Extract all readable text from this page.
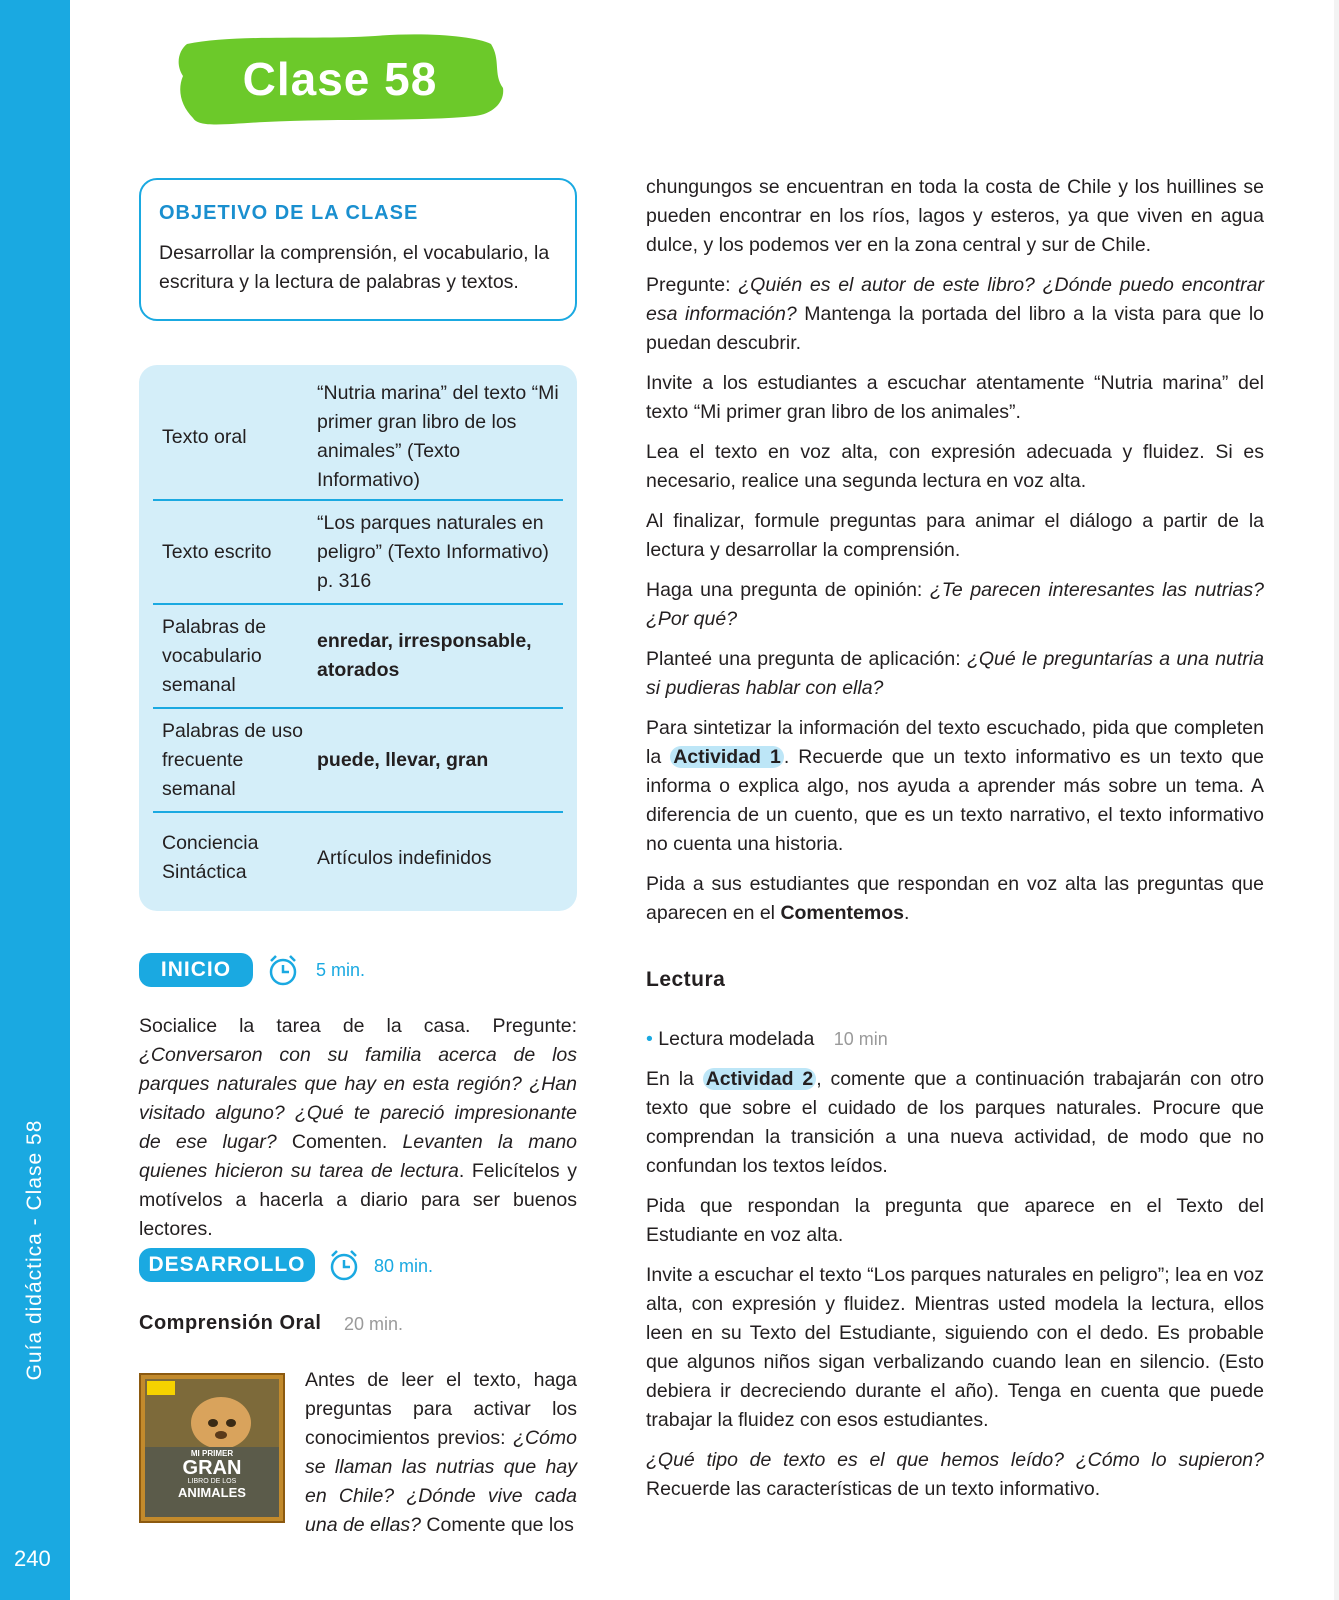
Guía didáctica - Clase 58
240
Clase 58
OBJETIVO DE LA CLASE
Desarrollar la comprensión, el vocabulario, la escritura y la lectura de palabras y textos.
Texto oral
“Nutria marina” del texto “Mi primer gran libro de los animales” (Texto Informativo)
Texto escrito
“Los parques naturales en peligro” (Texto Informativo) p. 316
Palabras de vocabulario semanal
enredar, irresponsable, atorados
Palabras de uso frecuente semanal
puede, llevar, gran
Conciencia Sintáctica
Artículos indefinidos
INICIO	5 min.

Socialice la tarea de la casa. Pregunte: ¿Conversaron con su familia acerca de los parques naturales que hay en esta región? ¿Han visitado alguno? ¿Qué te pareció impresionante de ese lugar? Comenten. Levanten la mano quienes hicieron su tarea de lectura. Felicítelos y motívelos a hacerla a diario para ser buenos lectores.

DESARROLLO	80 min.
Comprensión Oral 20 min.
MI PRIMER
GRAN
LIBRO DE LOS
ANIMALES

Antes de leer el texto, haga preguntas para activar los conocimientos previos: ¿Cómo se llaman las nutrias que hay en Chile? ¿Dónde vive cada una de ellas? Comente que los

chungungos se encuentran en toda la costa de Chile y los huillines se pueden encontrar en los ríos, lagos y esteros, ya que viven en agua dulce, y los podemos ver en la zona central y sur de Chile.

Pregunte: ¿Quién es el autor de este libro? ¿Dónde puedo encontrar esa información? Mantenga la portada del libro a la vista para que lo puedan descubrir.

Invite a los estudiantes a escuchar atentamente “Nutria marina” del texto “Mi primer gran libro de los animales”.

Lea el texto en voz alta, con expresión adecuada y fluidez. Si es necesario, realice una segunda lectura en voz alta.

Al finalizar, formule preguntas para animar el diálogo a partir de la lectura y desarrollar la comprensión.

Haga una pregunta de opinión: ¿Te parecen interesantes las nutrias? ¿Por qué?

Planteé una pregunta de aplicación: ¿Qué le preguntarías a una nutria si pudieras hablar con ella?

Para sintetizar la información del texto escuchado, pida que completen la Actividad 1 . Recuerde que un texto informativo es un texto que informa o explica algo, nos ayuda a aprender más sobre un tema. A diferencia de un cuento, que es un texto narrativo, el texto informativo no cuenta una historia.

Pida a sus estudiantes que respondan en voz alta las preguntas que aparecen en el Comentemos.

Lectura
• Lectura modelada 10 min

En la Actividad 2 , comente que a continuación trabajarán con otro texto que sobre el cuidado de los parques naturales. Procure que comprendan la transición a una nueva actividad, de modo que no confundan los textos leídos.

Pida que respondan la pregunta que aparece en el Texto del Estudiante en voz alta.

Invite a escuchar el texto “Los parques naturales en peligro”; lea en voz alta, con expresión y fluidez. Mientras usted modela la lectura, ellos leen en su Texto del Estudiante, siguiendo con el dedo. Es probable que algunos niños sigan verbalizando cuando lean en silencio. (Esto debiera ir decreciendo durante el año). Tenga en cuenta que puede trabajar la fluidez con esos estudiantes.

¿Qué tipo de texto es el que hemos leído? ¿Cómo lo supieron? Recuerde las características de un texto informativo.
